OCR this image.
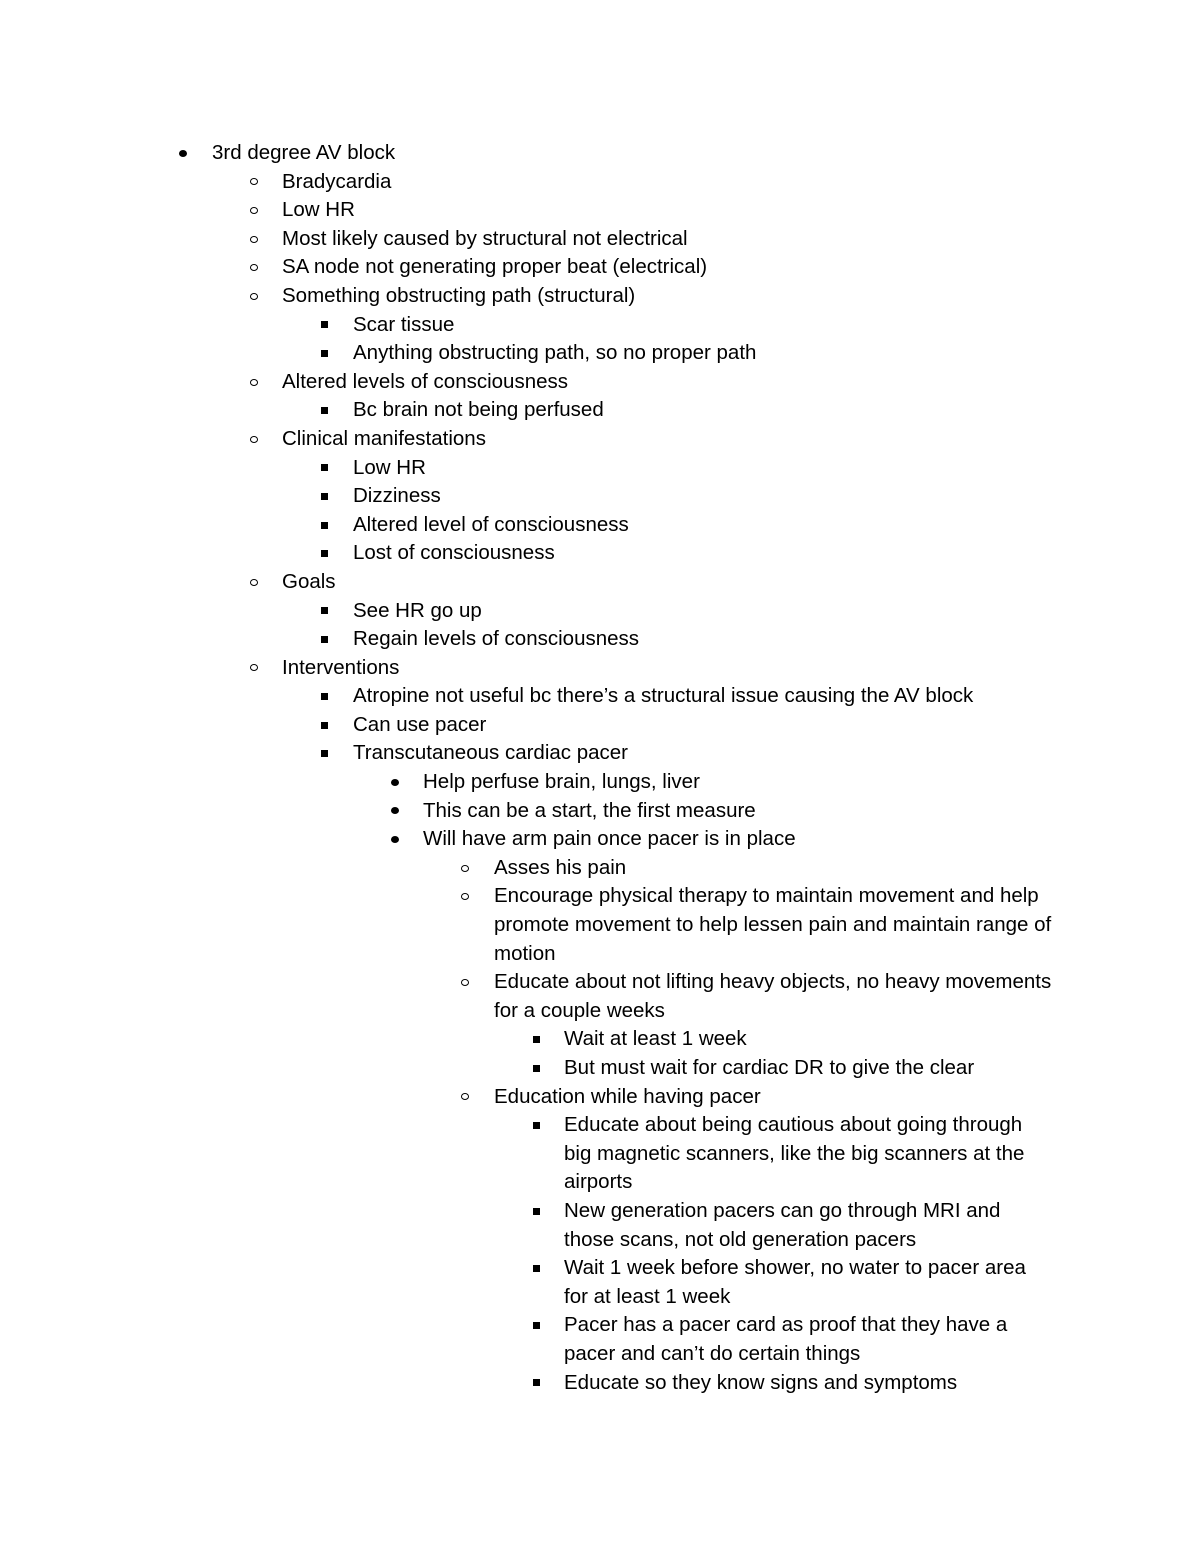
3rd degree AV block
Bradycardia
Low HR
Most likely caused by structural not electrical
SA node not generating proper beat (electrical)
Something obstructing path (structural)
Scar tissue
Anything obstructing path, so no proper path
Altered levels of consciousness
Bc brain not being perfused
Clinical manifestations
Low HR
Dizziness
Altered level of consciousness
Lost of consciousness
Goals
See HR go up
Regain levels of consciousness
Interventions
Atropine not useful bc there’s a structural issue causing the AV block
Can use pacer
Transcutaneous cardiac pacer
Help perfuse brain, lungs, liver
This can be a start, the first measure
Will have arm pain once pacer is in place
Asses his pain
Encourage physical therapy to maintain movement and help promote movement to help lessen pain and maintain range of motion
Educate about not lifting heavy objects, no heavy movements for a couple weeks
Wait at least 1 week
But must wait for cardiac DR to give the clear
Education while having pacer
Educate about being cautious about going through big magnetic scanners, like the big scanners at the airports
New generation pacers can go through MRI and those scans, not old generation pacers
Wait 1 week before shower, no water to pacer area for at least 1 week
Pacer has a pacer card as proof that they have a pacer and can’t do certain things
Educate so they know signs and symptoms
